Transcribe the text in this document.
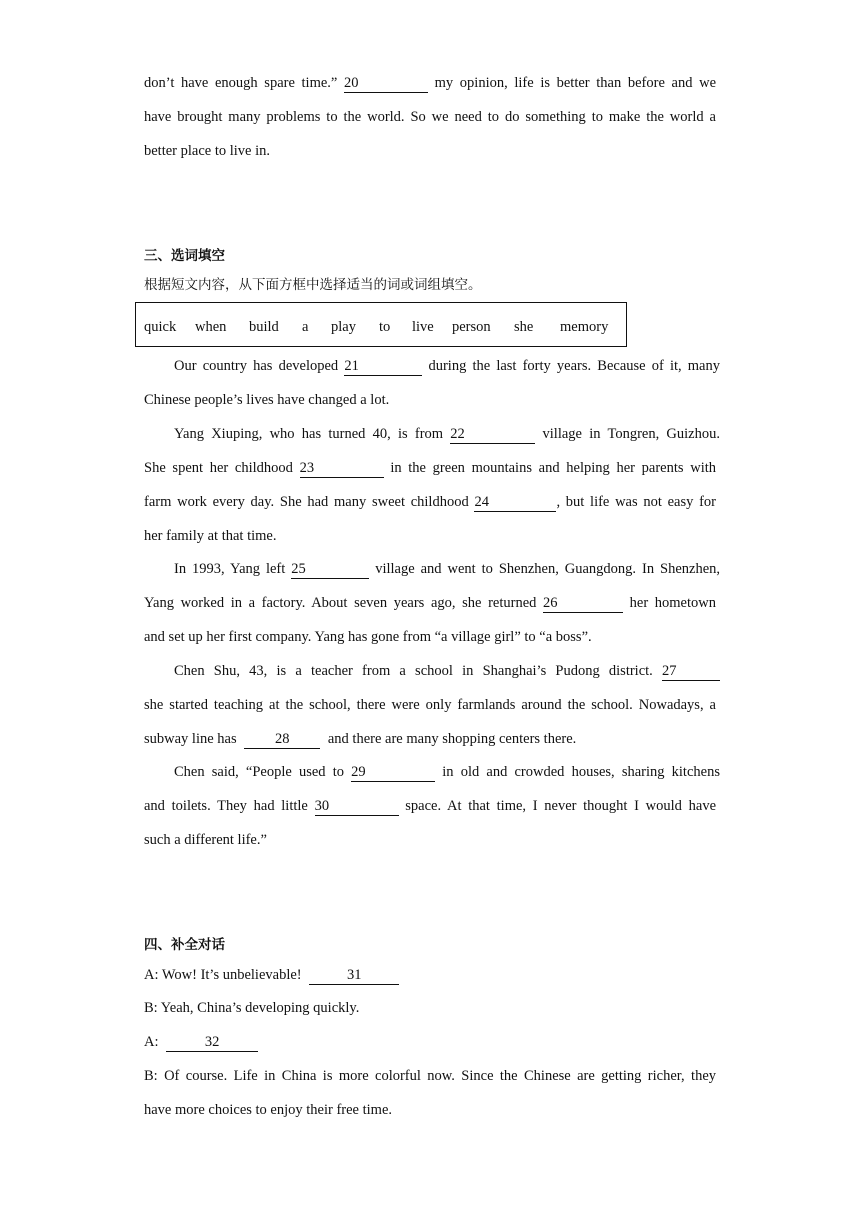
don’t have enough spare time.” 20	my opinion, life is better than before and we
have brought many problems to the world. So we need to do something to make the world a
better place to live in.
三、选词填空
根据短文内容，从下面方框中选择适当的词或词组填空。
quick when build a play to live person she memory
Our country has developed 21	during the last forty years. Because of it, many
Chinese people’s lives have changed a lot.
Yang Xiuping, who has turned 40, is from 22	village in Tongren, Guizhou.
She spent her childhood 23	in the green mountains and helping her parents with
farm work every day. She had many sweet childhood 24	, but life was not easy for
her family at that time.
In 1993, Yang left 25	village and went to Shenzhen, Guangdong. In Shenzhen,
Yang worked in a factory. About seven years ago, she returned 26	her hometown
and set up her first company. Yang has gone from “a village girl” to “a boss”.
Chen Shu, 43, is a teacher from a school in Shanghai’s Pudong district. 27
she started teaching at the school, there were only farmlands around the school. Nowadays, a
subway line has	28	and there are many shopping centers there.
Chen said, “People used to 29	in old and crowded houses, sharing kitchens
and toilets. They had little 30	space. At that time, I never thought I would have
such a different life.”
四、补全对话
A: Wow! It’s unbelievable!	31
B: Yeah, China’s developing quickly.
A:	32
B: Of course. Life in China is more colorful now. Since the Chinese are getting richer, they
have more choices to enjoy their free time.
